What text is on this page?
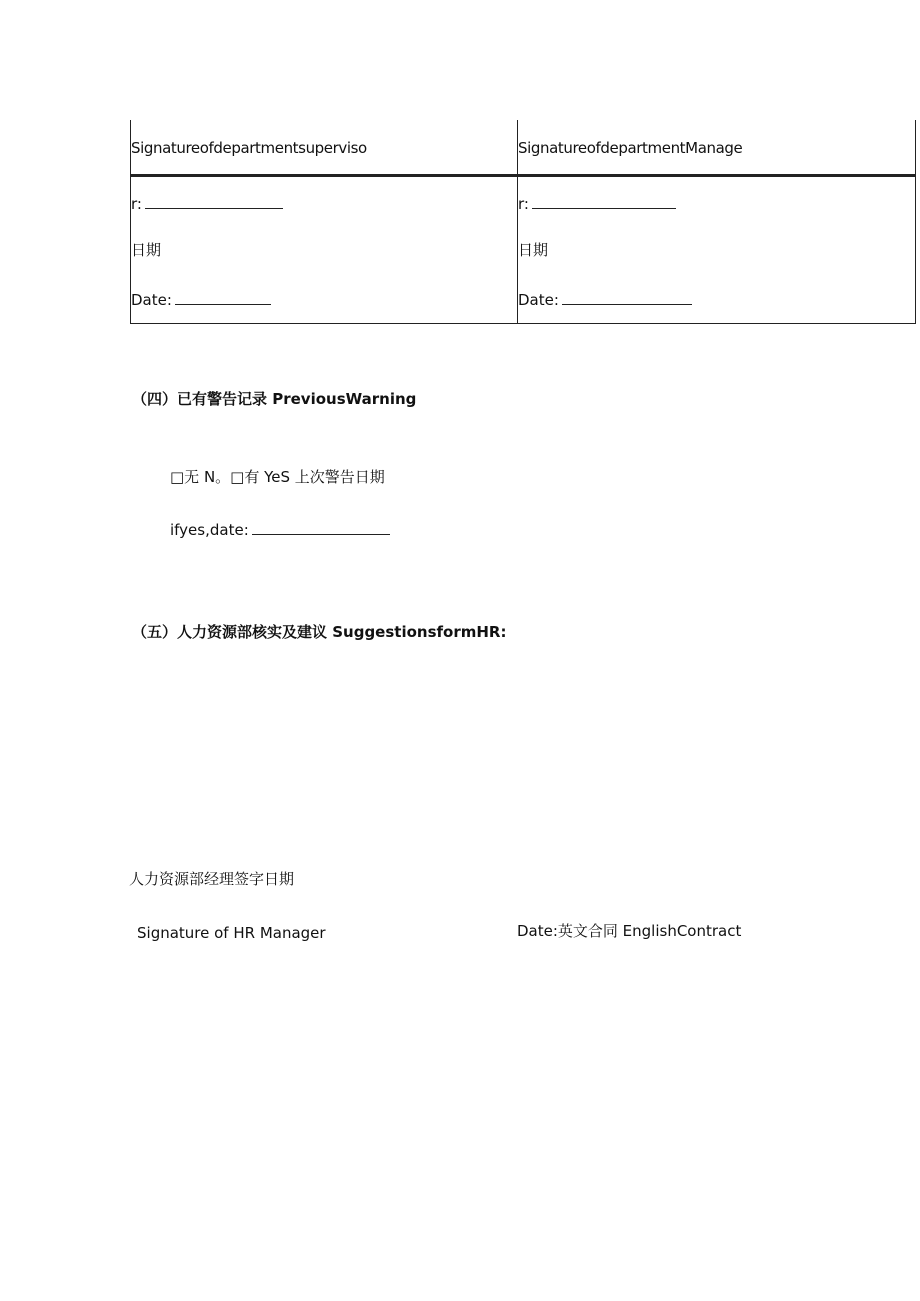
Signatureofdepartmentsuperviso
r:
日期
Date:
SignatureofdepartmentManage
r:
日期
Date:
（四）已有警告记录 PreviousWarning
□无 N。□有 YeS 上次警告日期
ifyes,date:
（五）人力资源部核实及建议 SuggestionsformHR:
人力资源部经理签字日期
Signature of HR Manager	Date:英文合同 EnglishContract
